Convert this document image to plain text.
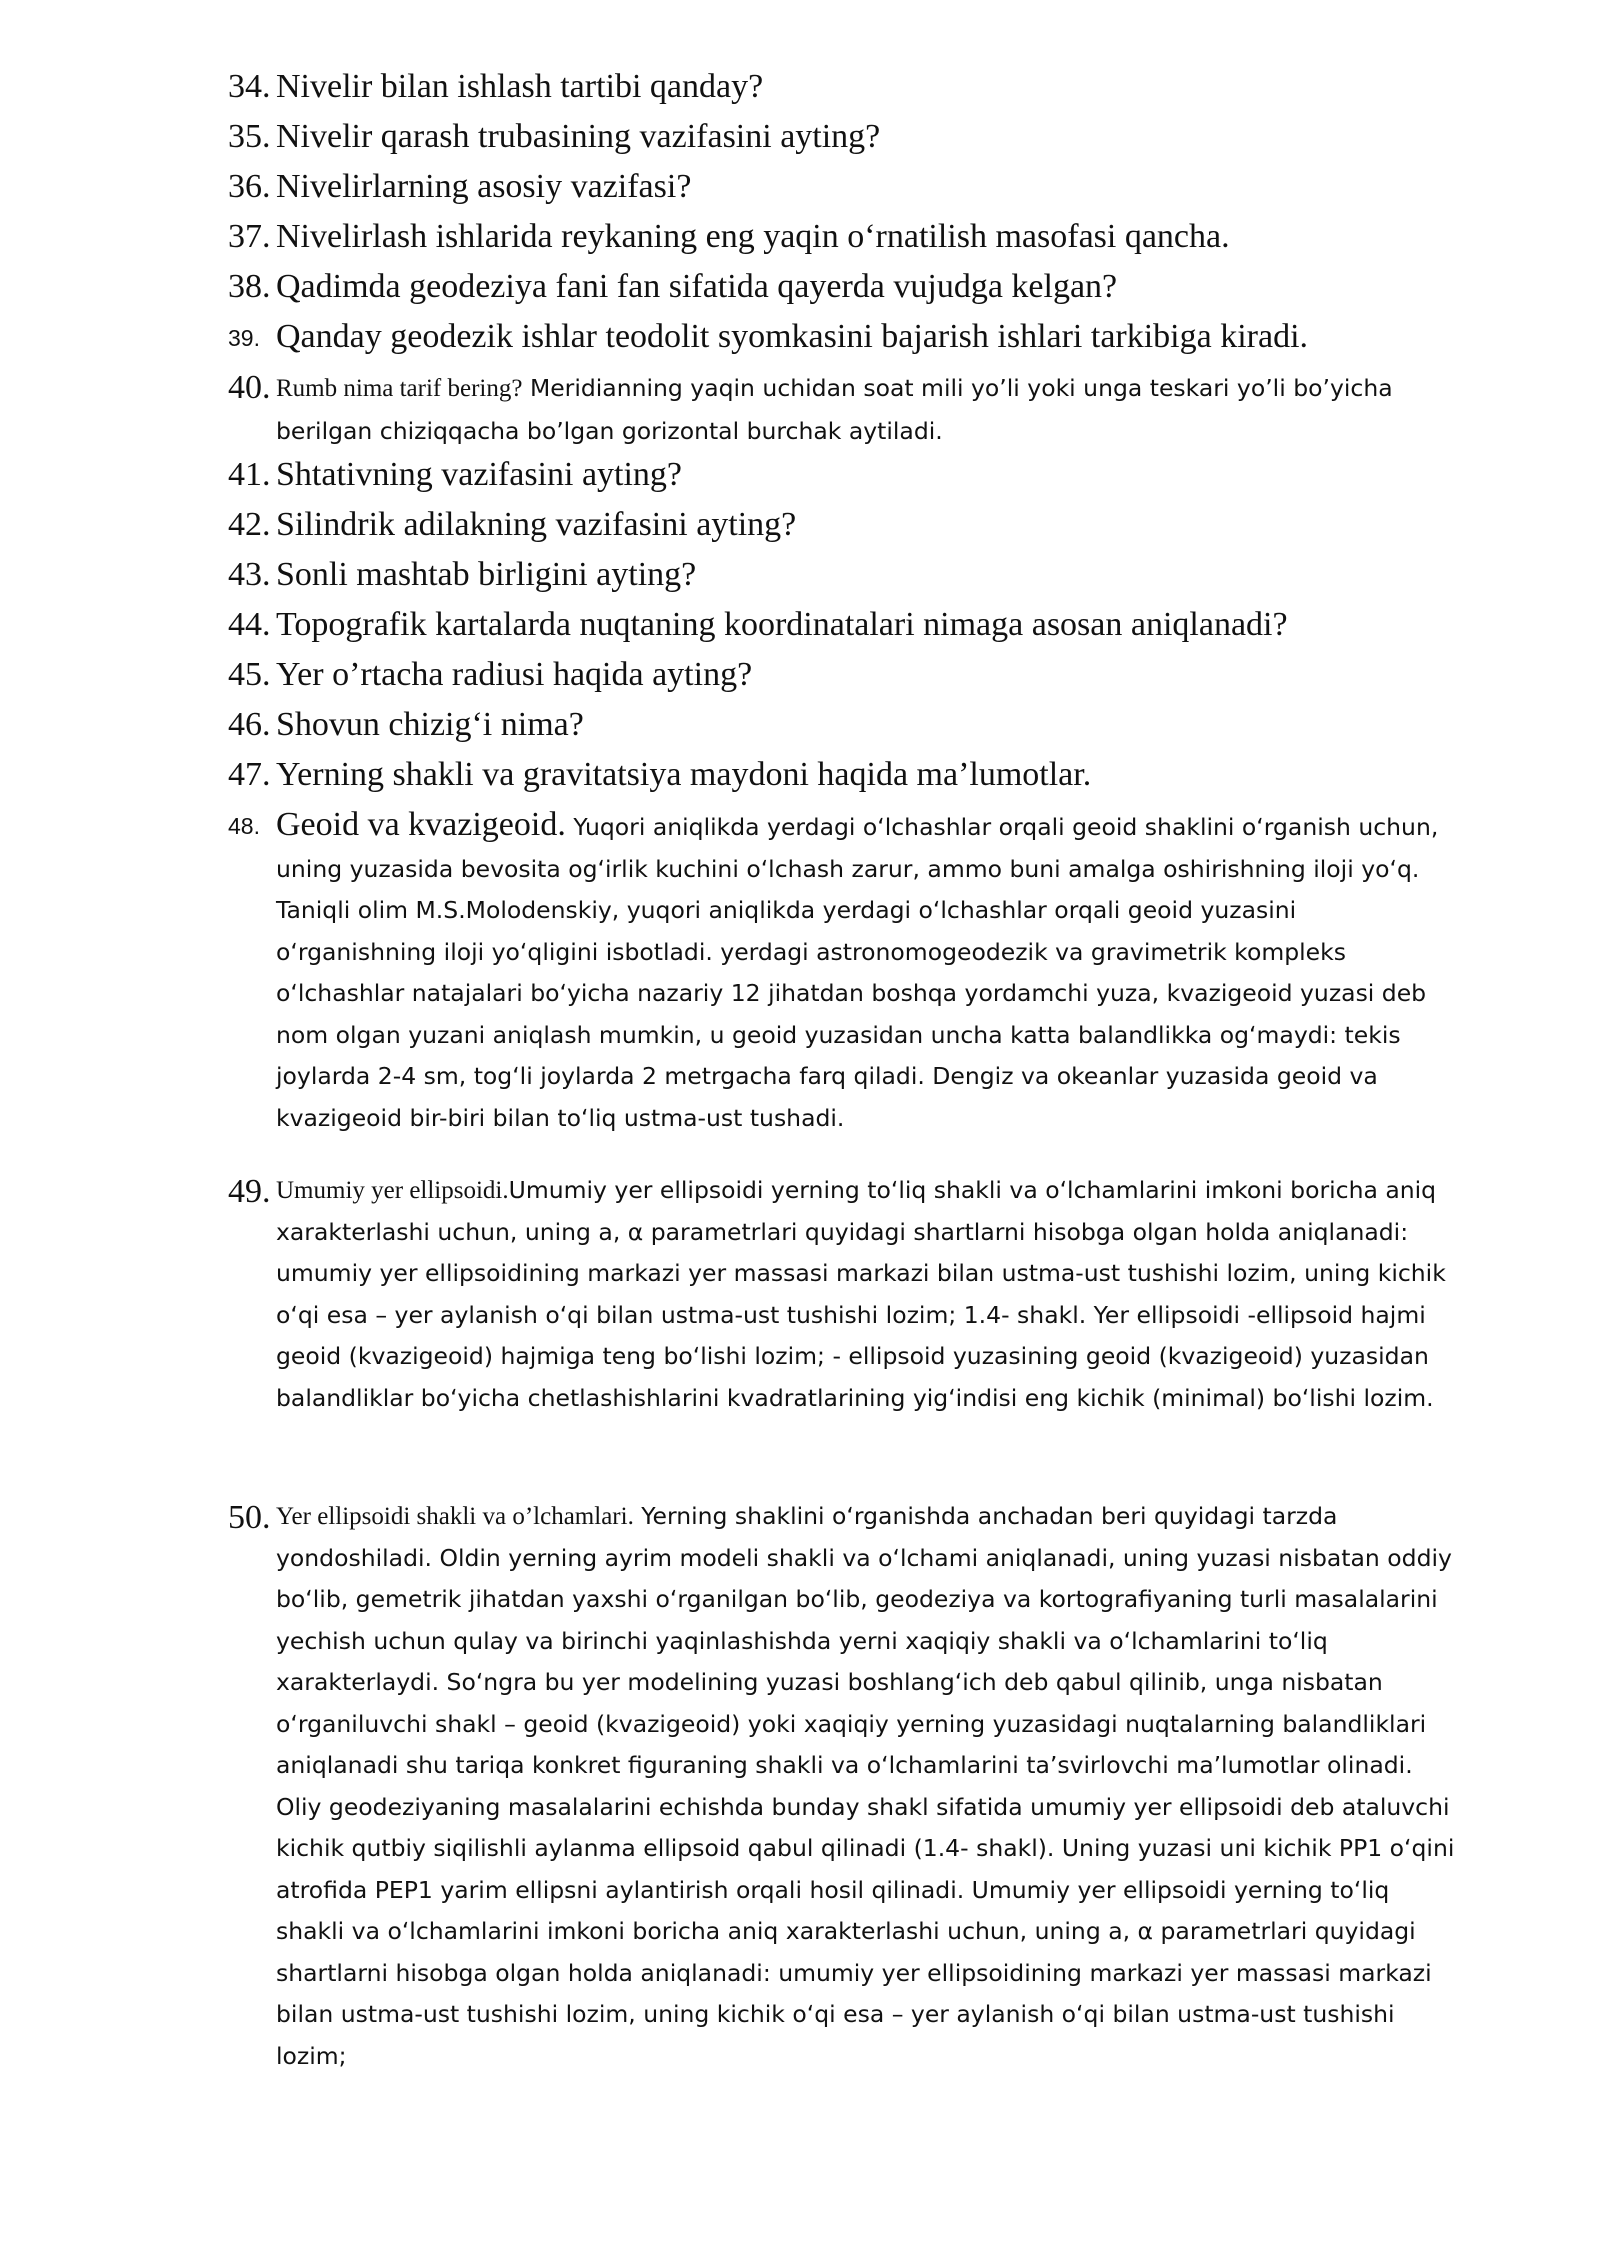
34. Nivelir bilan ishlash tartibi qanday?
35. Nivelir qarash trubasining vazifasini ayting?
36. Nivelirlarning asosiy vazifasi?
37. Nivelirlash ishlarida reykaning eng yaqin oʻrnatilish masofasi qancha.
38. Qadimda geodeziya fani fan sifatida qayerda vujudga kelgan?
39. Qanday geodezik ishlar teodolit syomkasini bajarish ishlari tarkibiga kiradi.
40. Rumb nima tarif bering? Meridianning yaqin uchidan soat mili yo’li yoki unga teskari yo’li bo’yicha berilgan chiziqqacha bo’lgan gorizontal burchak aytiladi.
41. Shtativning vazifasini ayting?
42. Silindrik adilakning vazifasini ayting?
43. Sonli mashtab birligini ayting?
44. Topografik kartalarda nuqtaning koordinatalari nimaga asosan aniqlanadi?
45. Yer o’rtacha radiusi haqida ayting?
46. Shovun chizigʻi nima?
47. Yerning shakli va gravitatsiya maydoni haqida ma’lumotlar.
48. Geoid va kvazigeoid. Yuqori aniqlikda yerdagi oʻlchashlar orqali geoid shaklini oʻrganish uchun, uning yuzasida bevosita ogʻirlik kuchini oʻlchash zarur, ammo buni amalga oshirishning iloji yoʻq. Taniqli olim M.S.Molodenskiy, yuqori aniqlikda yerdagi oʻlchashlar orqali geoid yuzasini oʻrganishning iloji yoʻqligini isbotladi. yerdagi astronomogeodezik va gravimetrik kompleks oʻlchashlar natajalari boʻyicha nazariy 12 jihatdan boshqa yordamchi yuza, kvazigeoid yuzasi deb nom olgan yuzani aniqlash mumkin, u geoid yuzasidan uncha katta balandlikka ogʻmaydi: tekis joylarda 2-4 sm, togʻli joylarda 2 metrgacha farq qiladi. Dengiz va okeanlar yuzasida geoid va kvazigeoid bir-biri bilan toʻliq ustma-ust tushadi.
49. Umumiy yer ellipsoidi.Umumiy yer ellipsoidi yerning toʻliq shakli va oʻlchamlarini imkoni boricha aniq xarakterlashi uchun, uning a, α parametrlari quyidagi shartlarni hisobga olgan holda aniqlanadi: umumiy yer ellipsoidining markazi yer massasi markazi bilan ustma-ust tushishi lozim, uning kichik oʻqi esa – yer aylanish oʻqi bilan ustma-ust tushishi lozim; 1.4- shakl. Yer ellipsoidi -ellipsoid hajmi geoid (kvazigeoid) hajmiga teng boʻlishi lozim; - ellipsoid yuzasining geoid (kvazigeoid) yuzasidan balandliklar boʻyicha chetlashishlarini kvadratlarining yigʻindisi eng kichik (minimal) boʻlishi lozim.
50. Yer ellipsoidi shakli va o’lchamlari. Yerning shaklini oʻrganishda anchadan beri quyidagi tarzda yondoshiladi. Oldin yerning ayrim modeli shakli va oʻlchami aniqlanadi, uning yuzasi nisbatan oddiy boʻlib, gemetrik jihatdan yaxshi oʻrganilgan boʻlib, geodeziya va kortografiyaning turli masalalarini yechish uchun qulay va birinchi yaqinlashishda yerni xaqiqiy shakli va oʻlchamlarini toʻliq xarakterlaydi. Soʻngra bu yer modelining yuzasi boshlangʻich deb qabul qilinib, unga nisbatan oʻrganiluvchi shakl – geoid (kvazigeoid) yoki xaqiqiy yerning yuzasidagi nuqtalarning balandliklari aniqlanadi shu tariqa konkret figuraning shakli va oʻlchamlarini ta’svirlovchi ma’lumotlar olinadi. Oliy geodeziyaning masalalarini echishda bunday shakl sifatida umumiy yer ellipsoidi deb ataluvchi kichik qutbiy siqilishli aylanma ellipsoid qabul qilinadi (1.4- shakl). Uning yuzasi uni kichik PP1 oʻqini atrofida PEP1 yarim ellipsni aylantirish orqali hosil qilinadi. Umumiy yer ellipsoidi yerning toʻliq shakli va oʻlchamlarini imkoni boricha aniq xarakterlashi uchun, uning a, α parametrlari quyidagi shartlarni hisobga olgan holda aniqlanadi: umumiy yer ellipsoidining markazi yer massasi markazi bilan ustma-ust tushishi lozim, uning kichik oʻqi esa – yer aylanish oʻqi bilan ustma-ust tushishi lozim;
